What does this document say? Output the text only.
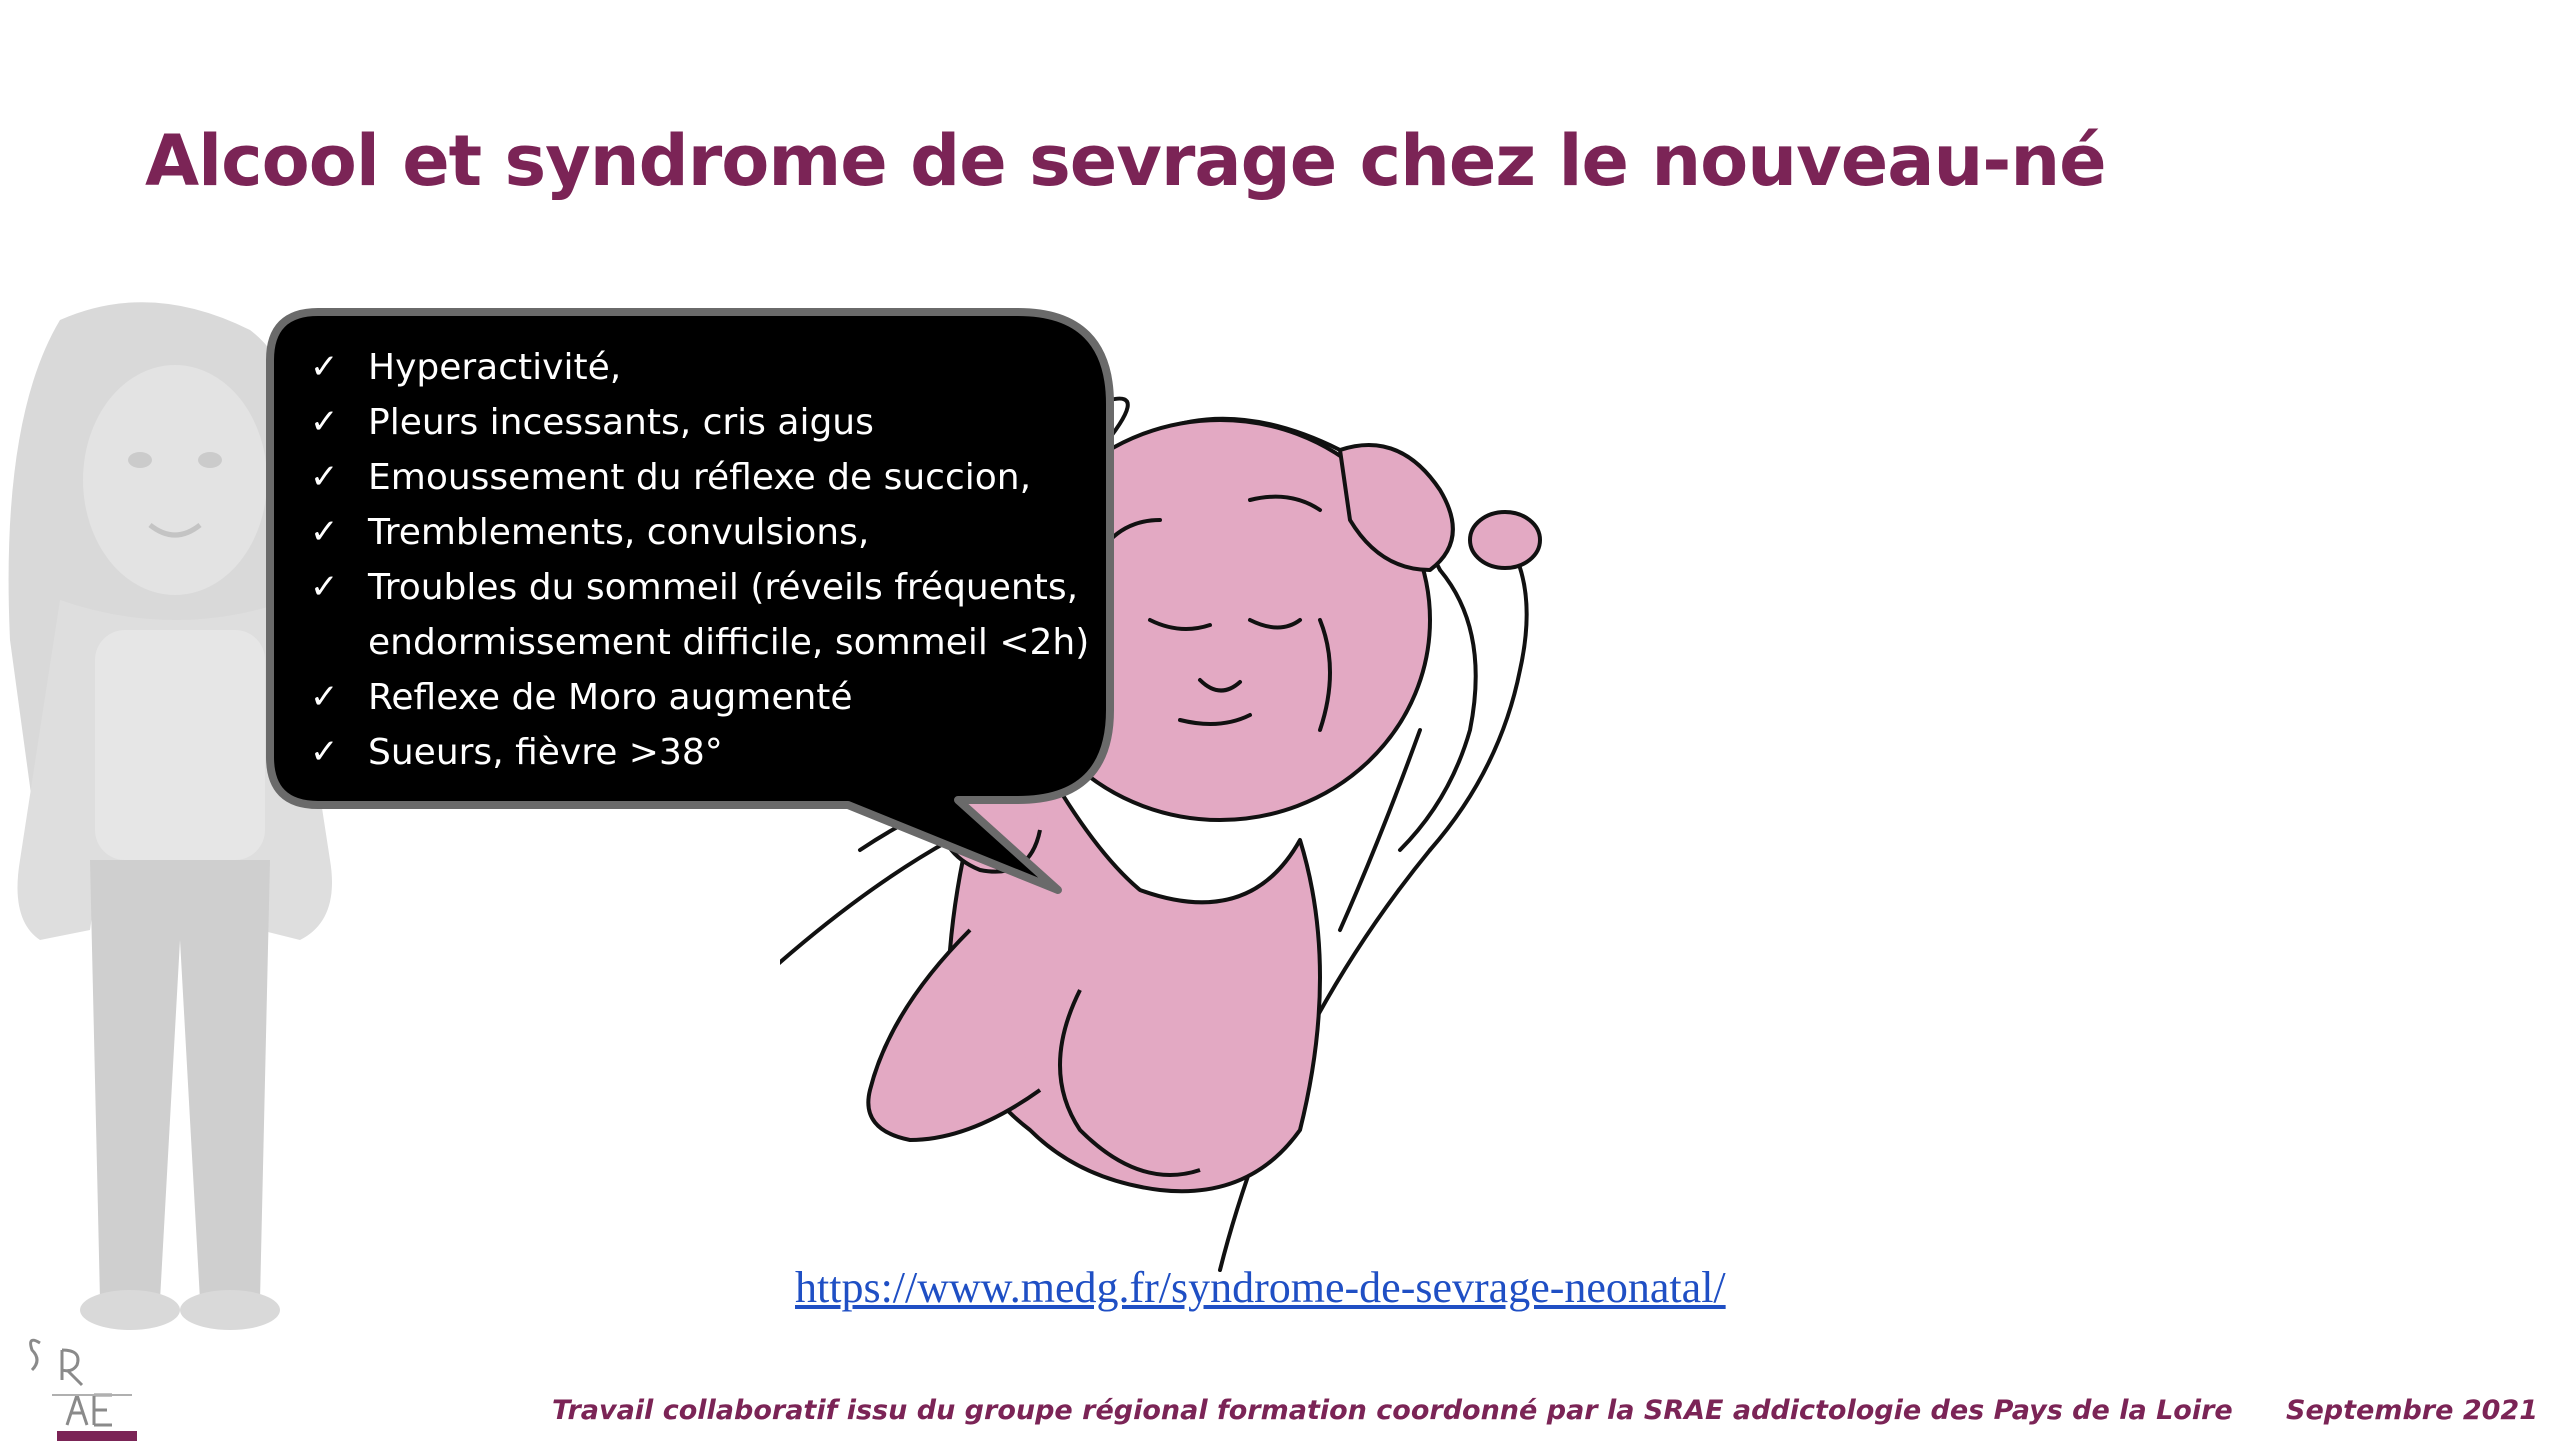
✓ Hyperactivité,
✓ Pleurs incessants, cris aigus
✓ Emoussement du réflexe de succion,
✓ Tremblements, convulsions,
✓ Troubles du sommeil (réveils fréquents,
endormissement difficile, sommeil <2h)
✓ Reflexe de Moro augmenté
✓ Sueurs, fièvre >38°
Alcool et syndrome de sevrage chez le nouveau-né
https://www.medg.fr/syndrome-de-sevrage-neonatal/
Travail collaboratif issu du groupe régional formation coordonné par la SRAE addictologie des Pays de la Loire Septembre 2021
